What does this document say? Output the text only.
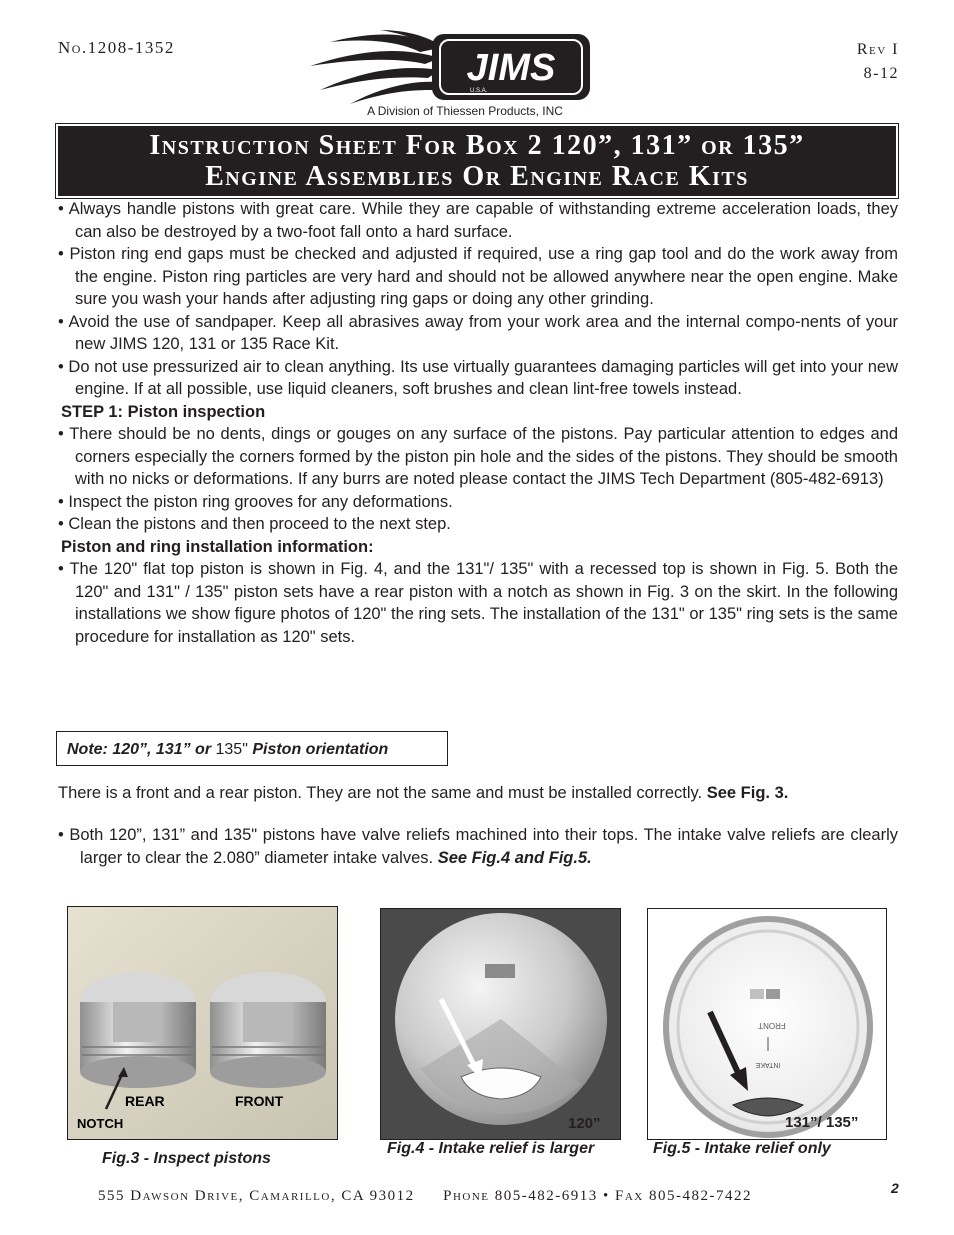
No.1208-1352	Rev I
8-12
JIMS
U.S.A.
A Division of Thiessen Products, INC
Instruction Sheet For Box 2 120”, 131” or 135”
Engine Assemblies Or Engine Race Kits

• Always handle pistons with great care. While they are capable of withstanding extreme acceleration loads, they can also be destroyed by a two-foot fall onto a hard surface.

• Piston ring end gaps must be checked and adjusted if required, use a ring gap tool and do the work away from the engine. Piston ring particles are very hard and should not be allowed anywhere near the open engine. Make sure you wash your hands after adjusting ring gaps or doing any other grinding.

• Avoid the use of sandpaper. Keep all abrasives away from your work area and the internal compo-nents of your new JIMS 120, 131 or 135 Race Kit.

• Do not use pressurized air to clean anything. Its use virtually guarantees damaging particles will get into your new engine. If at all possible, use liquid cleaners, soft brushes and clean lint-free towels instead.

STEP 1: Piston inspection

• There should be no dents, dings or gouges on any surface of the pistons. Pay particular attention to edges and corners especially the corners formed by the piston pin hole and the sides of the pistons. They should be smooth with no nicks or deformations. If any burrs are noted please contact the JIMS Tech Department (805-482-6913)

• Inspect the piston ring grooves for any deformations.

• Clean the pistons and then proceed to the next step.

Piston and ring installation information:

• The 120" flat top piston is shown in Fig. 4, and the 131"/ 135" with a recessed top is shown in Fig. 5. Both the 120" and 131" / 135" piston sets have a rear piston with a notch as shown in Fig. 3 on the skirt. In the following installations we show figure photos of 120" the ring sets. The installation of the 131" or 135" ring sets is the same procedure for installation as 120" sets.

Note: 120”, 131” or 135" Piston orientation
There is a front and a rear piston. They are not the same and must be installed correctly. See Fig. 3.

• Both 120”, 131” and 135" pistons have valve reliefs machined into their tops. The intake valve reliefs are clearly larger to clear the 2.080” diameter intake valves. See Fig.4 and Fig.5.

REAR	FRONT
NOTCH
Fig.3 - Inspect pistons
120”
Fig.4 - Intake relief is larger
FRONT
INTAKE
131”/ 135”
Fig.5 - Intake relief only
555 Dawson Drive, Camarillo, CA 93012 Phone 805-482-6913 • Fax 805-482-7422	2
